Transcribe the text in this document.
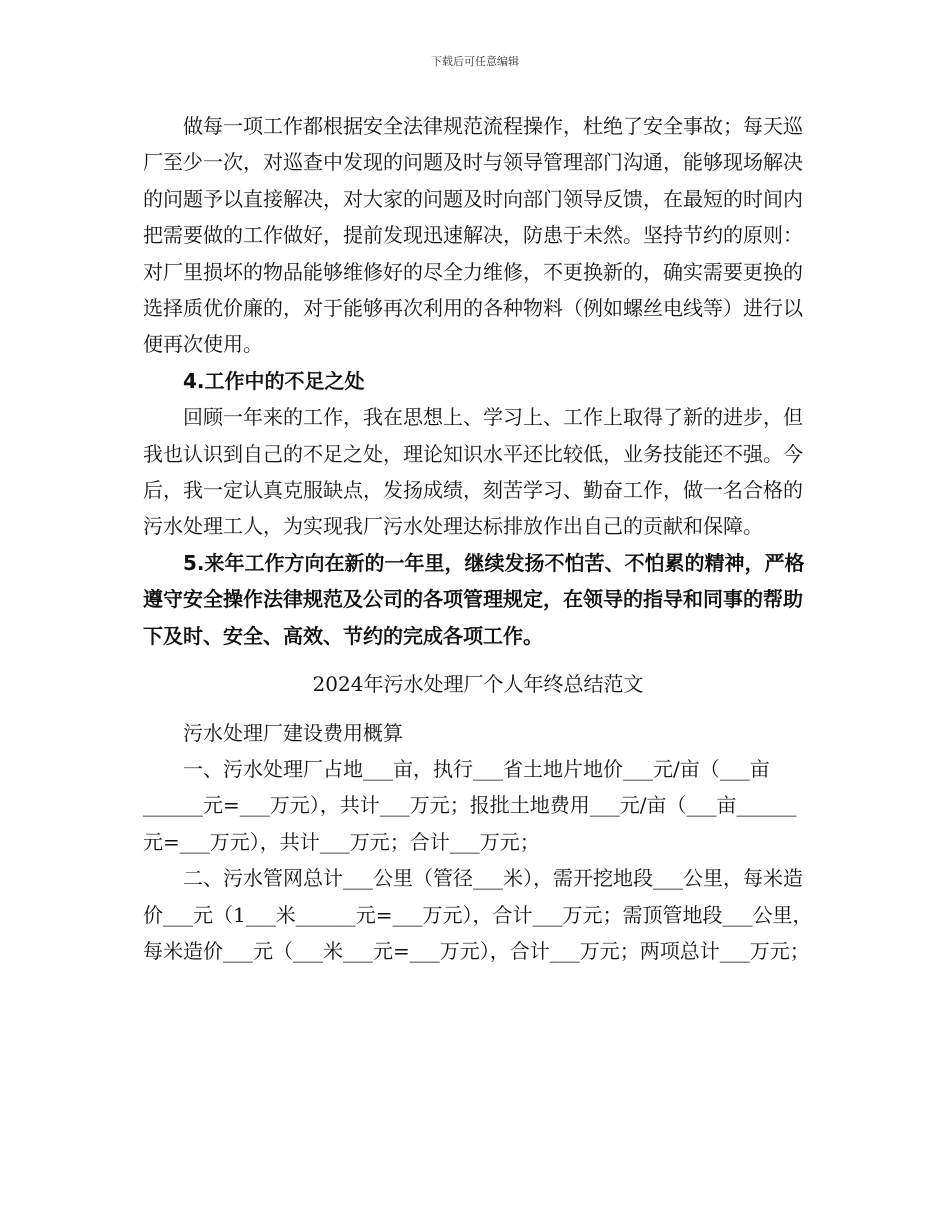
下载后可任意编辑

做每一项工作都根据安全法律规范流程操作，杜绝了安全事故；每天巡厂至少一次，对巡查中发现的问题及时与领导管理部门沟通，能够现场解决的问题予以直接解决，对大家的问题及时向部门领导反馈，在最短的时间内把需要做的工作做好，提前发现迅速解决，防患于未然。坚持节约的原则：对厂里损坏的物品能够维修好的尽全力维修，不更换新的，确实需要更换的选择质优价廉的，对于能够再次利用的各种物料（例如螺丝电线等）进行以便再次使用。

4.工作中的不足之处

回顾一年来的工作，我在思想上、学习上、工作上取得了新的进步，但我也认识到自己的不足之处，理论知识水平还比较低，业务技能还不强。今后，我一定认真克服缺点，发扬成绩，刻苦学习、勤奋工作，做一名合格的污水处理工人，为实现我厂污水处理达标排放作出自己的贡献和保障。

5.来年工作方向在新的一年里，继续发扬不怕苦、不怕累的精神，严格遵守安全操作法律规范及公司的各项管理规定，在领导的指导和同事的帮助下及时、安全、高效、节约的完成各项工作。

2024年污水处理厂个人年终总结范文

污水处理厂建设费用概算

一、污水处理厂占地___亩，执行___省土地片地价___元/亩（___亩______元=___万元），共计___万元；报批土地费用___元/亩（___亩______元=___万元），共计___万元；合计___万元；

二、污水管网总计___公里（管径___米），需开挖地段___公里，每米造价___元（1___米______元=___万元），合计___万元；需顶管地段___公里，每米造价___元（___米___元=___万元），合计___万元；两项总计___万元；
